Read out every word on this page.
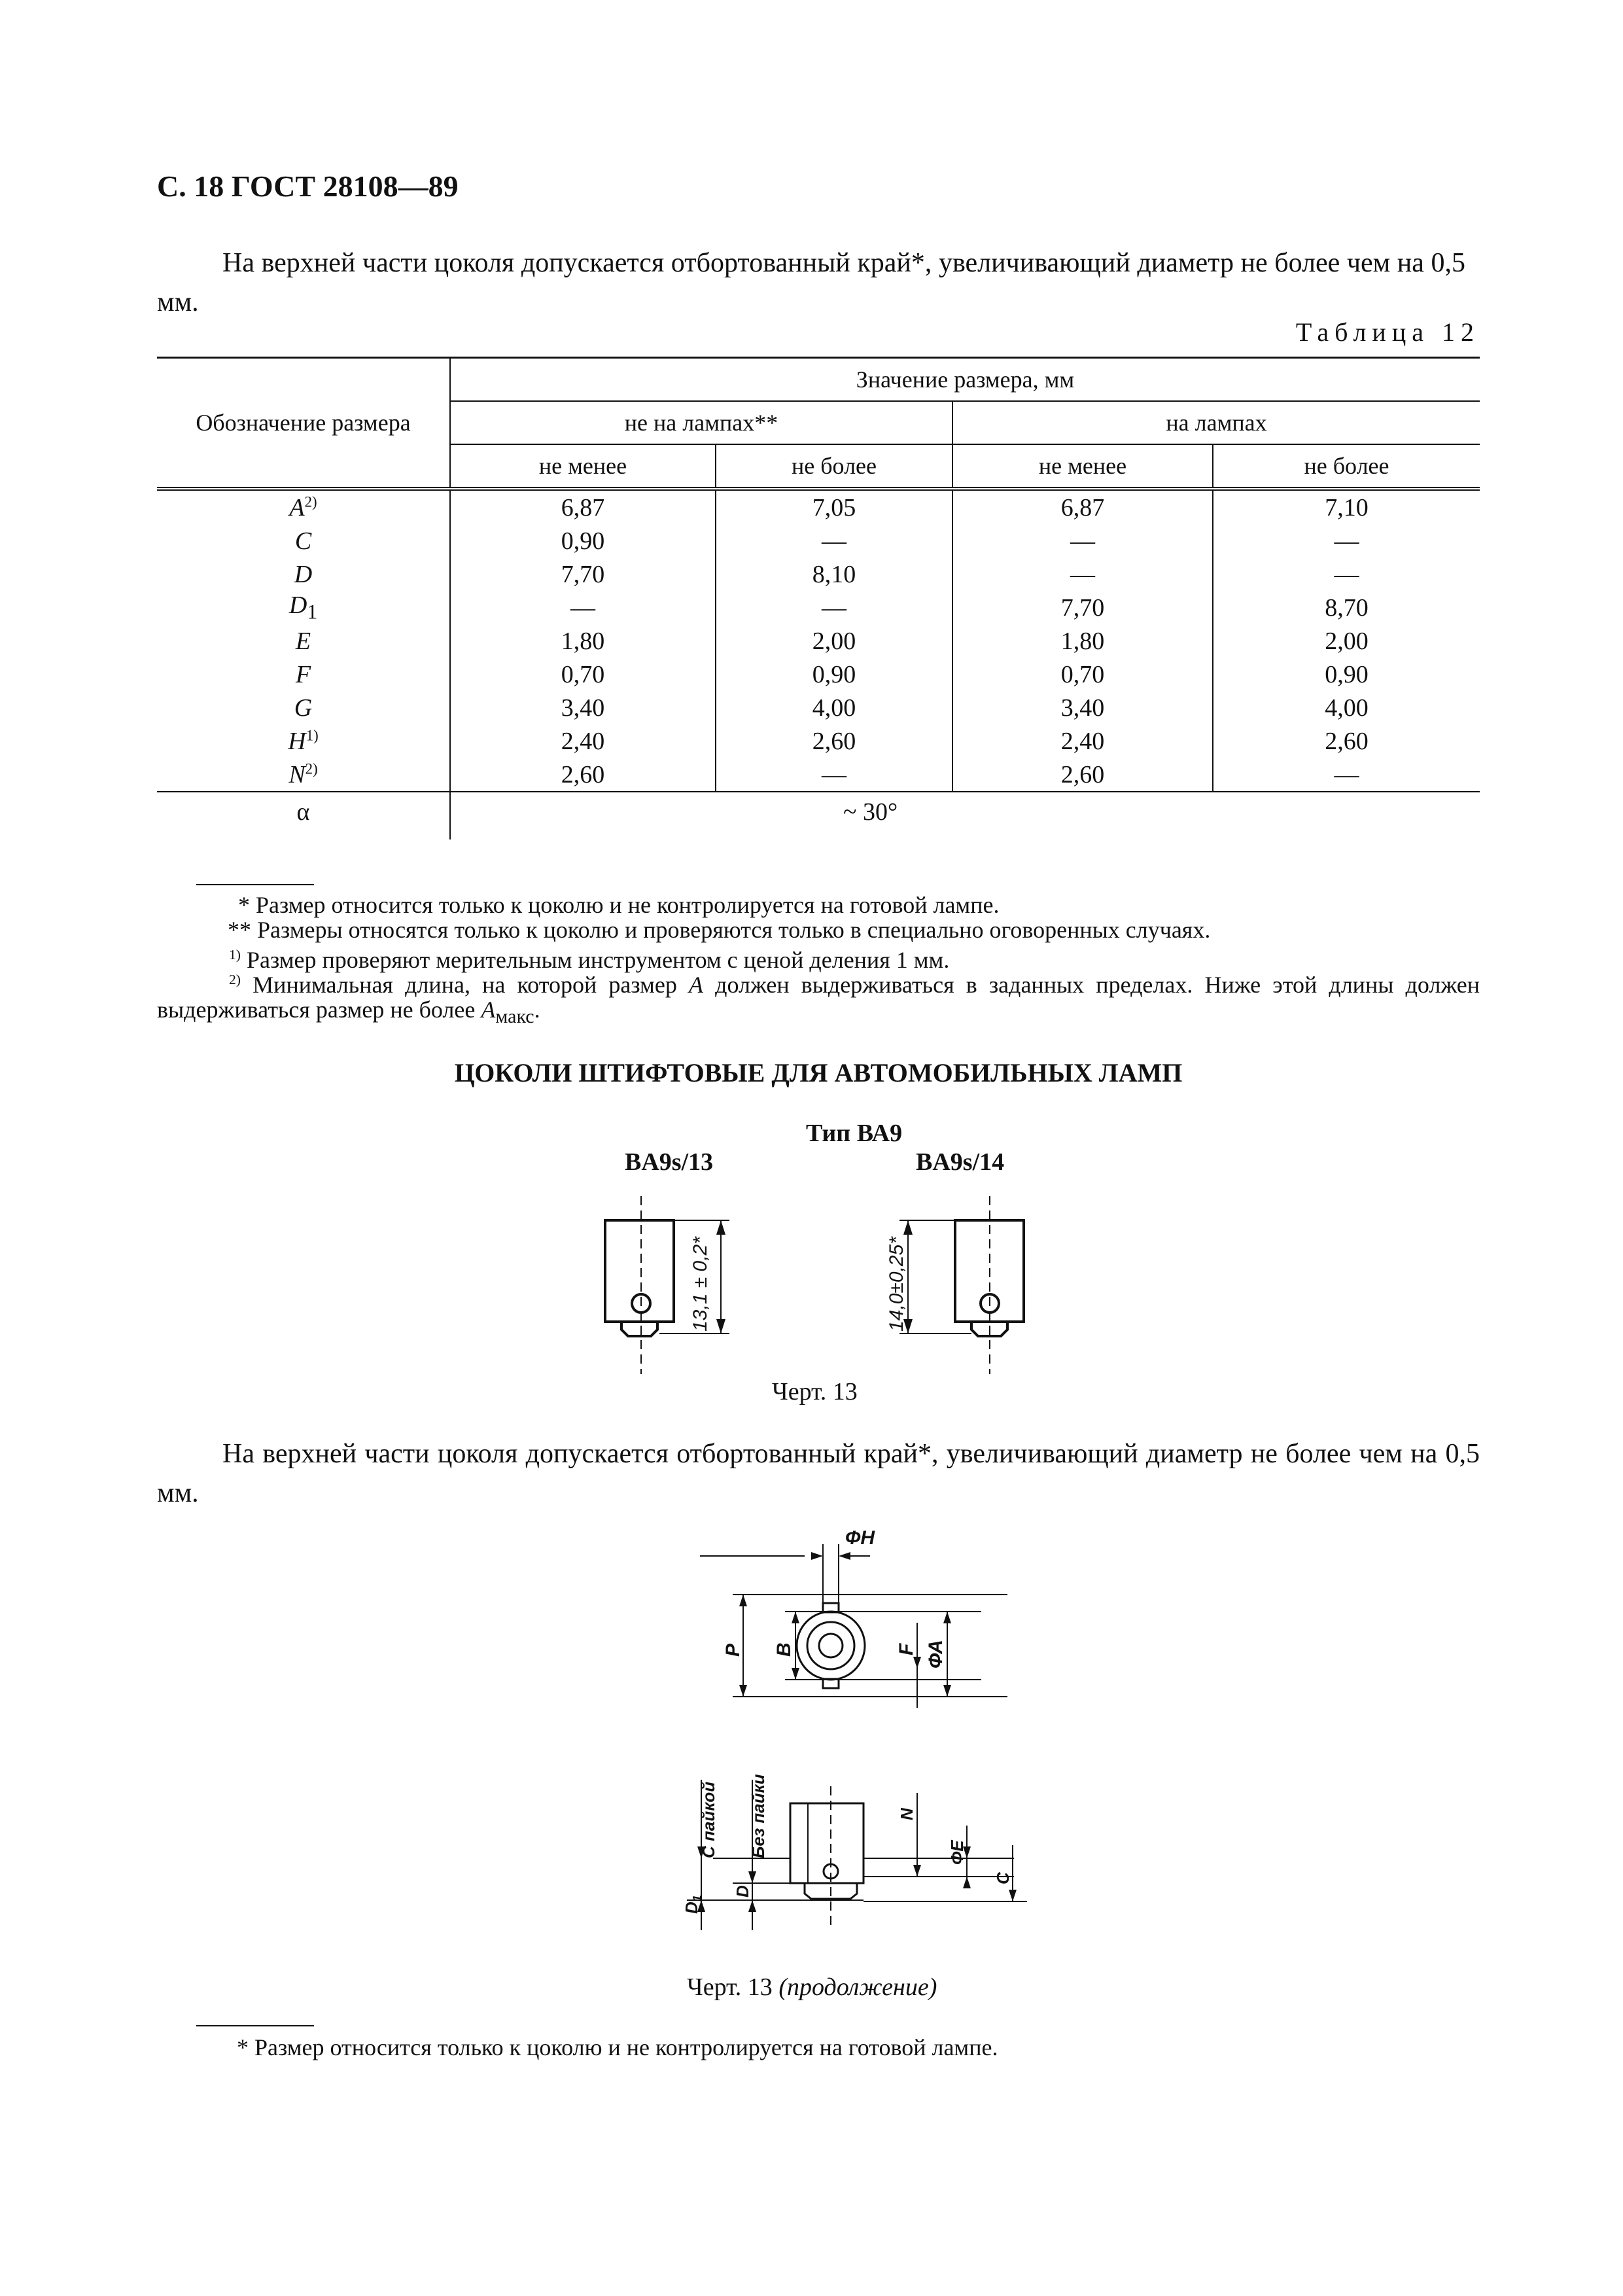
С. 18 ГОСТ 28108—89
На верхней части цоколя допускается отбортованный край*, увеличивающий диаметр не более чем на 0,5 мм.
Таблица 12
Обозначение размера	Значение размера, мм			
	не на лампах**		на лампах	
	не менее	не более	не менее	не более
$A^{2)}$	6,87	7,05	6,87	7,10
C	0,90	—	—	—
D	7,70	8,10	—	—
$D_1$	—	—	7,70	8,70
E	1,80	2,00	1,80	2,00
F	0,70	0,90	0,70	0,90
G	3,40	4,00	3,40	4,00
$H^{1)}$	2,40	2,60	2,40	2,60
$N^{2)}$	2,60	—	2,60	—
α	~ 30°			
* Размер относится только к цоколю и не контролируется на готовой лампе.
** Размеры относятся только к цоколю и проверяются только в специально оговоренных случаях.
$^{1)}$ Размер проверяют мерительным инструментом с ценой деления 1 мм.
$^{2)}$ Минимальная длина, на которой размер A должен выдерживаться в заданных пределах. Ниже этой длины должен выдерживаться размер не более $A_{макс}$.
ЦОКОЛИ ШТИФТОВЫЕ ДЛЯ АВТОМОБИЛЬНЫХ ЛАМП
Тип ВА9
BA9s/13	BA9s/14
13,1 ± 0,2*	14,0±0,25*
Черт. 13
На верхней части цоколя допускается отбортованный край*, увеличивающий диаметр не более чем на 0,5 мм.
ФН
P B	F ФА
С пайкой Без пайки	N
ФЕ
C
$D_1$
D
Черт. 13 (продолжение)
* Размер относится только к цоколю и не контролируется на готовой лампе.
